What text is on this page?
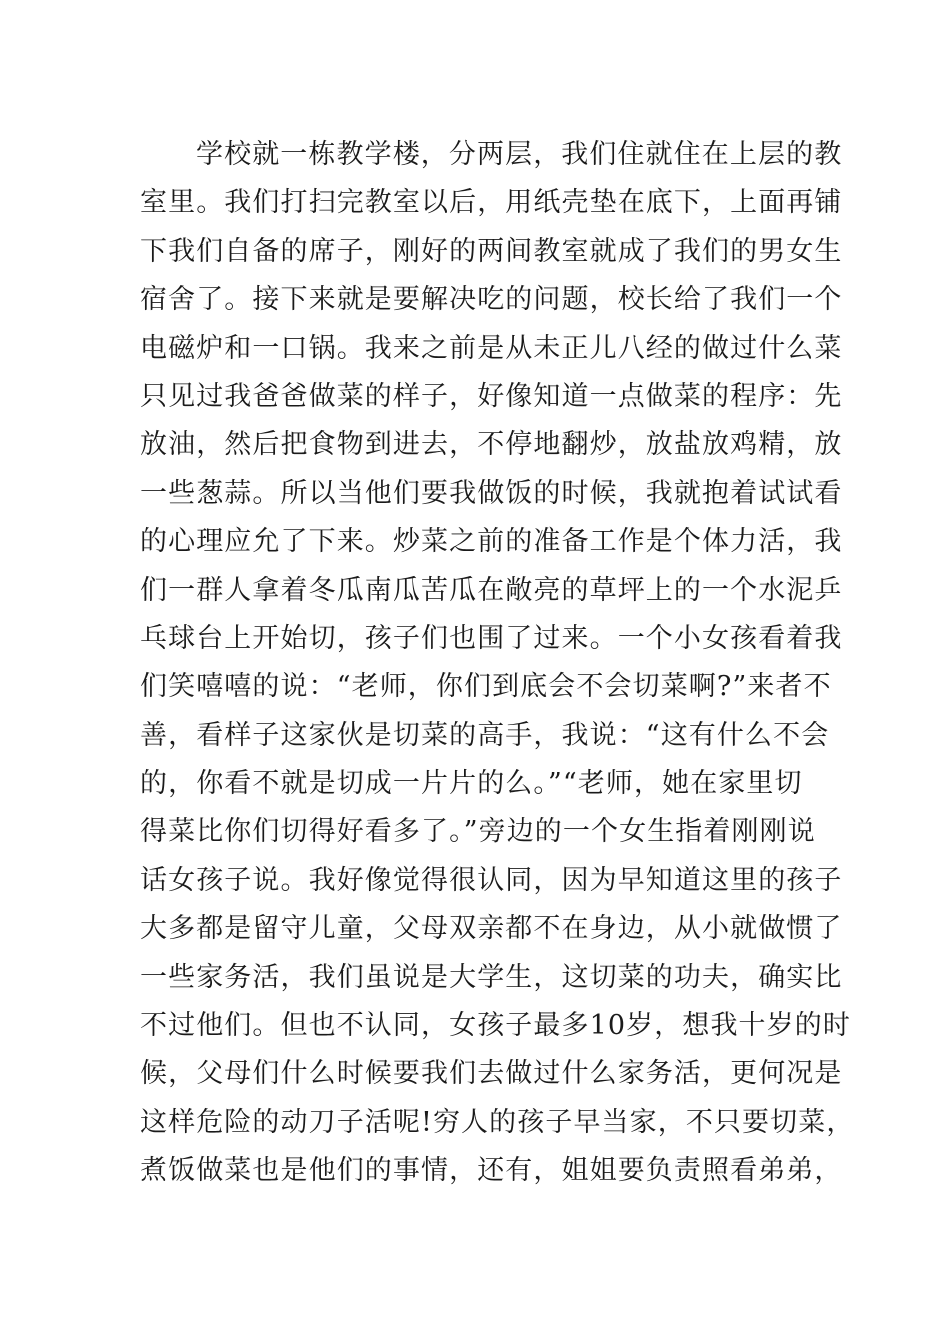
学校就一栋教学楼，分两层，我们住就住在上层的教
室里。我们打扫完教室以后，用纸壳垫在底下，上面再铺
下我们自备的席子，刚好的两间教室就成了我们的男女生
宿舍了。接下来就是要解决吃的问题，校长给了我们一个
电磁炉和一口锅。我来之前是从未正儿八经的做过什么菜
只见过我爸爸做菜的样子，好像知道一点做菜的程序：先
放油，然后把食物到进去，不停地翻炒，放盐放鸡精，放
一些葱蒜。所以当他们要我做饭的时候，我就抱着试试看
的心理应允了下来。炒菜之前的准备工作是个体力活，我
们一群人拿着冬瓜南瓜苦瓜在敞亮的草坪上的一个水泥乒
乓球台上开始切，孩子们也围了过来。一个小女孩看着我
们笑嘻嘻的说：“老师，你们到底会不会切菜啊?”来者不
善，看样子这家伙是切菜的高手，我说：“这有什么不会
的，你看不就是切成一片片的么。”“老师，她在家里切
得菜比你们切得好看多了。”旁边的一个女生指着刚刚说
话女孩子说。我好像觉得很认同，因为早知道这里的孩子
大多都是留守儿童，父母双亲都不在身边，从小就做惯了
一些家务活，我们虽说是大学生，这切菜的功夫，确实比
不过他们。但也不认同，女孩子最多10岁，想我十岁的时
候，父母们什么时候要我们去做过什么家务活，更何况是
这样危险的动刀子活呢!穷人的孩子早当家，不只要切菜，
煮饭做菜也是他们的事情，还有，姐姐要负责照看弟弟，
